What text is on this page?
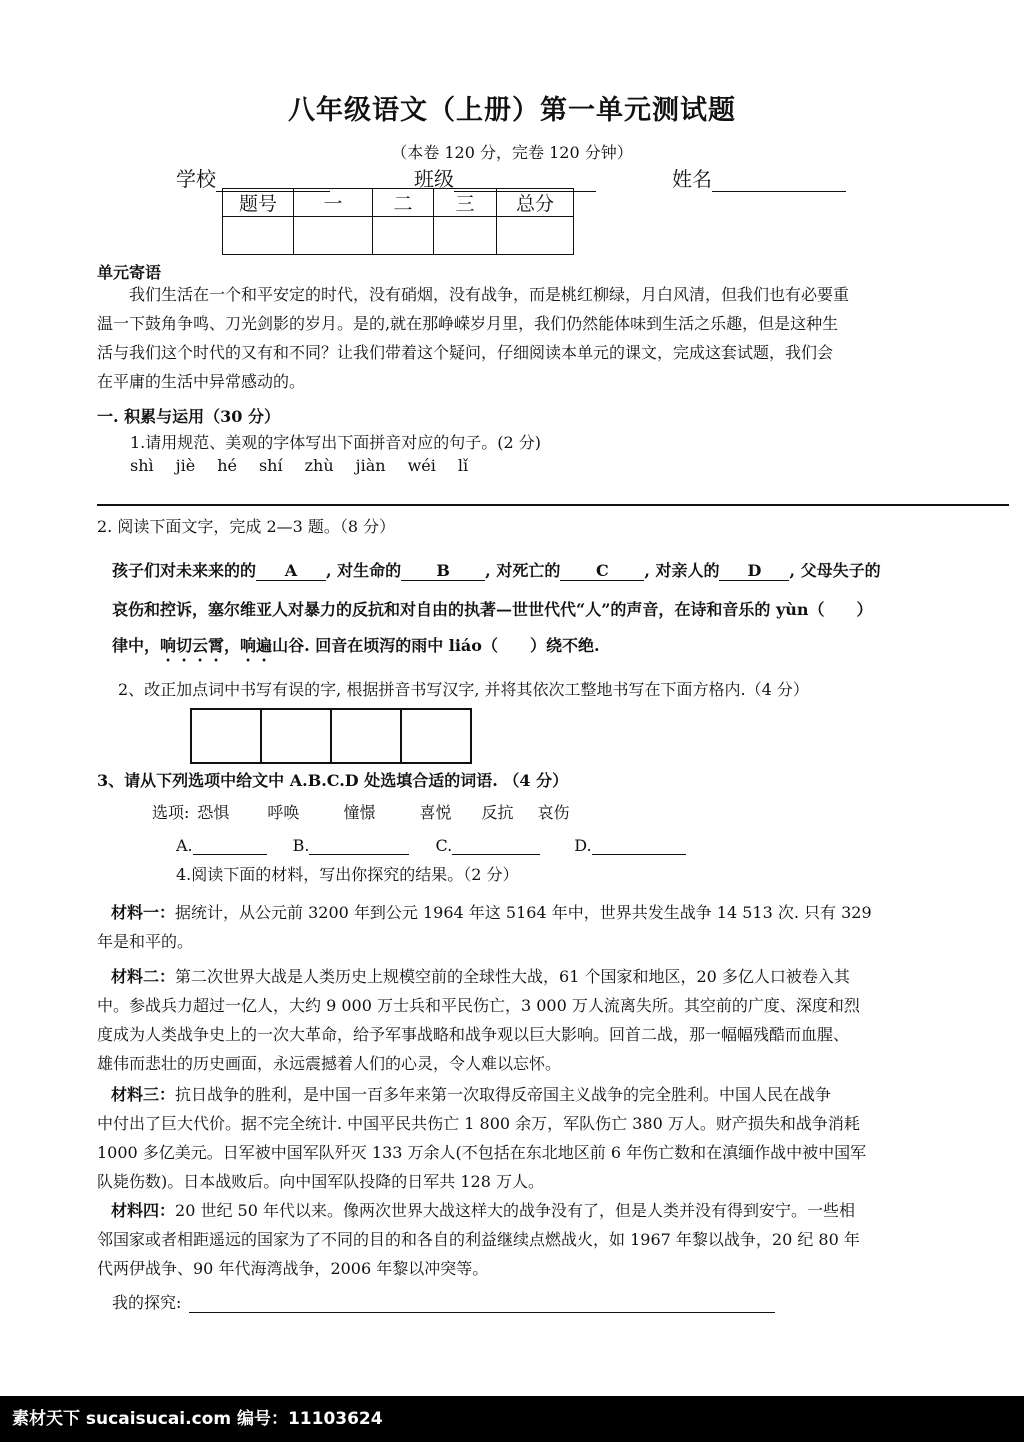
八年级语文（上册）第一单元测试题
（本卷 120 分，完卷 120 分钟）
学校	班级	姓名
题号	一	二	三	总分

单元寄语
我们生活在一个和平安定的时代，没有硝烟，没有战争，而是桃红柳绿，月白风清，但我们也有必要重
温一下鼓角争鸣、刀光剑影的岁月。是的,就在那峥嵘岁月里，我们仍然能体味到生活之乐趣，但是这种生
活与我们这个时代的又有和不同？让我们带着这个疑问，仔细阅读本单元的课文，完成这套试题，我们会
在平庸的生活中异常感动的。
一. 积累与运用（30 分）
1.请用规范、美观的字体写出下面拼音对应的句子。(2 分)
shì jiè hé shí zhù jiàn wéi lǐ
2. 阅读下面文字，完成 2—3 题。（8 分）
孩子们对未来来的的 A , 对生命的 B , 对死亡的 C , 对亲人的 D , 父母失子的
哀伤和控诉，塞尔维亚人对暴力的反抗和对自由的执著—世世代代“人”的声音，在诗和音乐的 yùn（　　）
律中，响切云霄，响遍山谷. 回音在顷泻的雨中 liáo（　　）绕不绝.
2、改正加点词中书写有误的字, 根据拼音书写汉字, 并将其依次工整地书写在下面方格内.（4 分）
3、请从下列选项中给文中 A.B.C.D 处选填合适的词语. （4 分）
选项: 恐惧 呼唤	憧憬	喜悦 反抗 哀伤
A.	B.	C.	D.
4.阅读下面的材料，写出你探究的结果。（2 分）
材料一：据统计，从公元前 3200 年到公元 1964 年这 5164 年中，世界共发生战争 14 513 次. 只有 329
年是和平的。
材料二：第二次世界大战是人类历史上规模空前的全球性大战，61 个国家和地区，20 多亿人口被卷入其
中。参战兵力超过一亿人，大约 9 000 万士兵和平民伤亡，3 000 万人流离失所。其空前的广度、深度和烈
度成为人类战争史上的一次大革命，给予军事战略和战争观以巨大影响。回首二战，那一幅幅残酷而血腥、
雄伟而悲壮的历史画面，永远震撼着人们的心灵，令人难以忘怀。
材料三：抗日战争的胜利，是中国一百多年来第一次取得反帝国主义战争的完全胜利。中国人民在战争
中付出了巨大代价。据不完全统计. 中国平民共伤亡 1 800 余万，军队伤亡 380 万人。财产损失和战争消耗
1000 多亿美元。日军被中国军队歼灭 133 万余人(不包括在东北地区前 6 年伤亡数和在滇缅作战中被中国军
队毙伤数)。日本战败后。向中国军队投降的日军共 128 万人。
材料四：20 世纪 50 年代以来。像两次世界大战这样大的战争没有了，但是人类并没有得到安宁。一些相
邻国家或者相距遥远的国家为了不同的目的和各自的利益继续点燃战火，如 1967 年黎以战争，20 纪 80 年
代两伊战争、90 年代海湾战争，2006 年黎以冲突等。
我的探究:
素材天下 sucaisucai.com 编号：11103624
